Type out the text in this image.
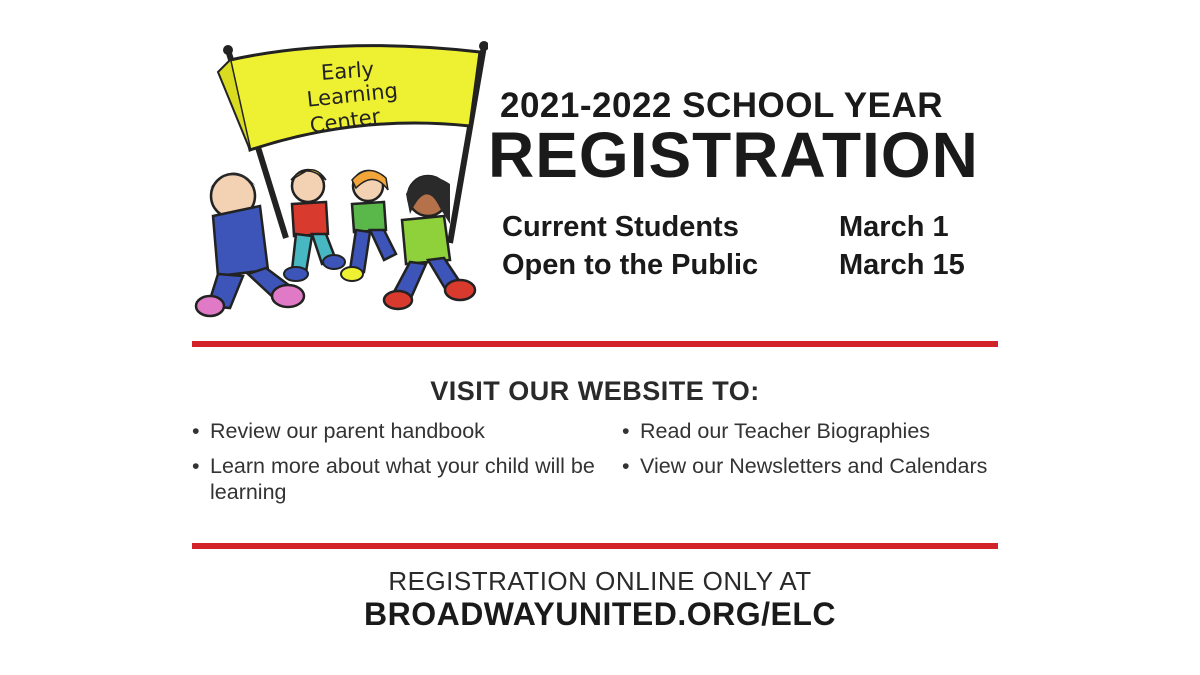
Early
Learning
Center	2021-2022 SCHOOL YEAR
REGISTRATION
Current Students	March 1
Open to the Public	March 15
VISIT OUR WEBSITE TO:
• Review our parent handbook
• Learn more about what your child will be learning
• Read our Teacher Biographies
• View our Newsletters and Calendars
REGISTRATION ONLINE ONLY AT
BROADWAYUNITED.ORG/ELC
